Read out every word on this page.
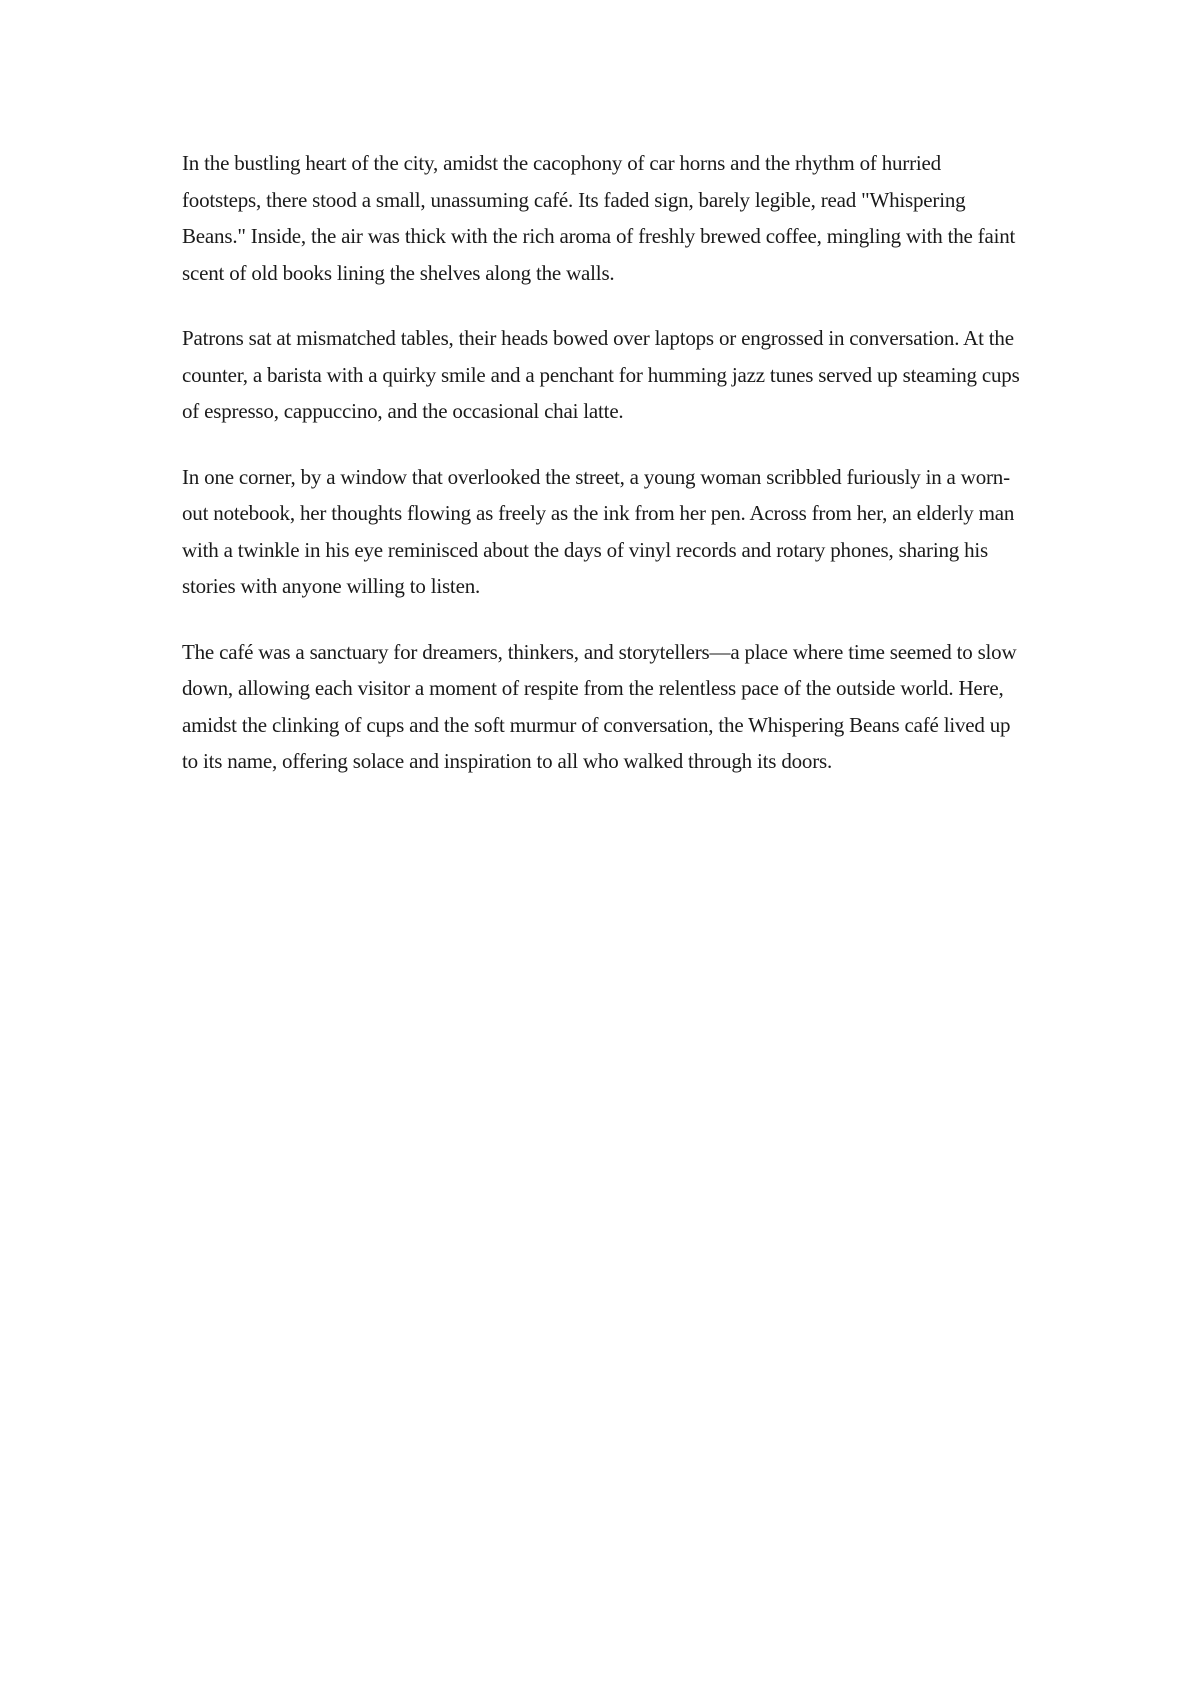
In the bustling heart of the city, amidst the cacophony of car horns and the rhythm of hurried footsteps, there stood a small, unassuming café. Its faded sign, barely legible, read "Whispering Beans." Inside, the air was thick with the rich aroma of freshly brewed coffee, mingling with the faint scent of old books lining the shelves along the walls.

Patrons sat at mismatched tables, their heads bowed over laptops or engrossed in conversation. At the counter, a barista with a quirky smile and a penchant for humming jazz tunes served up steaming cups of espresso, cappuccino, and the occasional chai latte.

In one corner, by a window that overlooked the street, a young woman scribbled furiously in a worn-out notebook, her thoughts flowing as freely as the ink from her pen. Across from her, an elderly man with a twinkle in his eye reminisced about the days of vinyl records and rotary phones, sharing his stories with anyone willing to listen.

The café was a sanctuary for dreamers, thinkers, and storytellers—a place where time seemed to slow down, allowing each visitor a moment of respite from the relentless pace of the outside world. Here, amidst the clinking of cups and the soft murmur of conversation, the Whispering Beans café lived up to its name, offering solace and inspiration to all who walked through its doors.
